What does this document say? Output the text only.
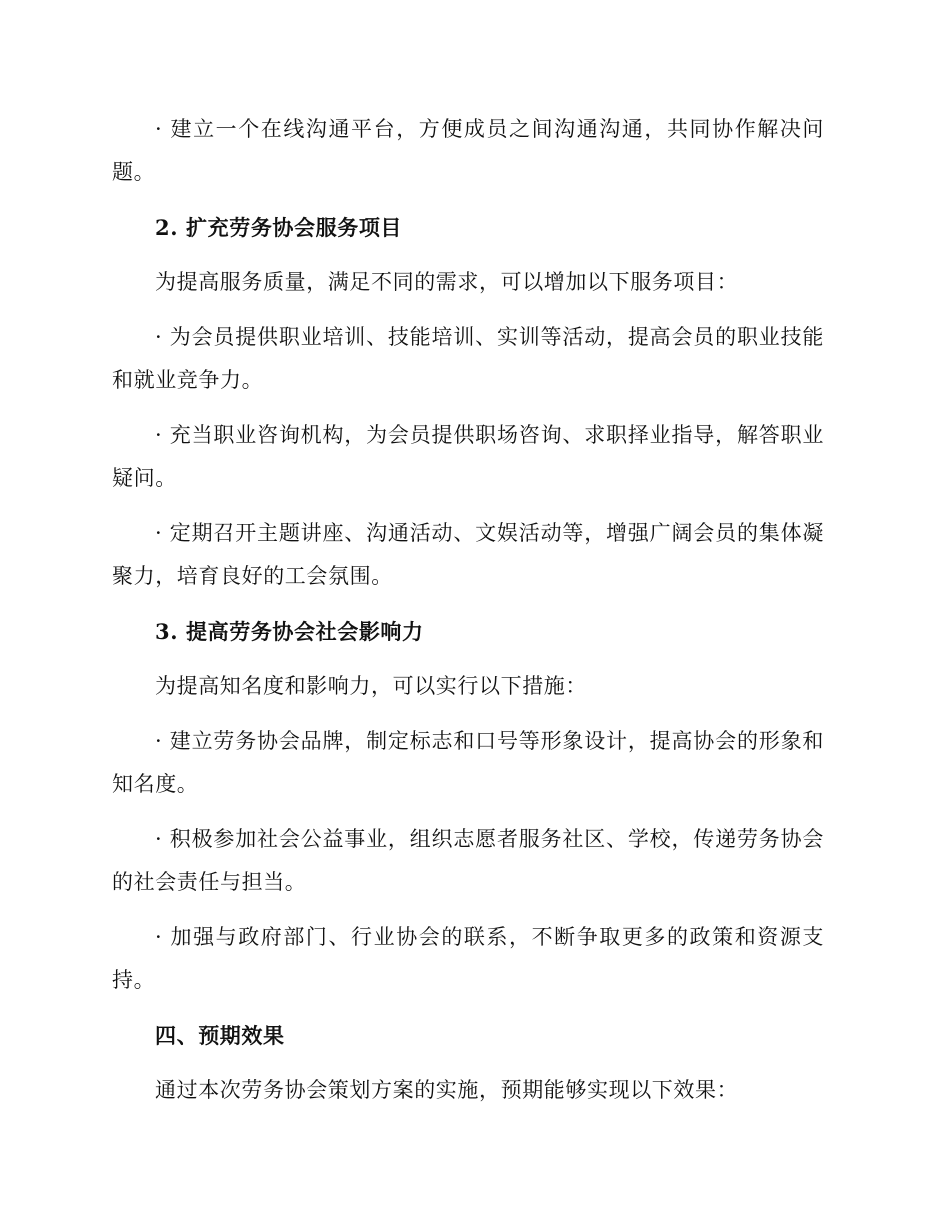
· 建立一个在线沟通平台，方便成员之间沟通沟通，共同协作解决问题。

2. 扩充劳务协会服务项目

为提高服务质量，满足不同的需求，可以增加以下服务项目：

· 为会员提供职业培训、技能培训、实训等活动，提高会员的职业技能和就业竞争力。

· 充当职业咨询机构，为会员提供职场咨询、求职择业指导，解答职业疑问。

· 定期召开主题讲座、沟通活动、文娱活动等，增强广阔会员的集体凝聚力，培育良好的工会氛围。

3. 提高劳务协会社会影响力

为提高知名度和影响力，可以实行以下措施：

· 建立劳务协会品牌，制定标志和口号等形象设计，提高协会的形象和知名度。

· 积极参加社会公益事业，组织志愿者服务社区、学校，传递劳务协会的社会责任与担当。

· 加强与政府部门、行业协会的联系，不断争取更多的政策和资源支持。

四、预期效果

通过本次劳务协会策划方案的实施，预期能够实现以下效果：
